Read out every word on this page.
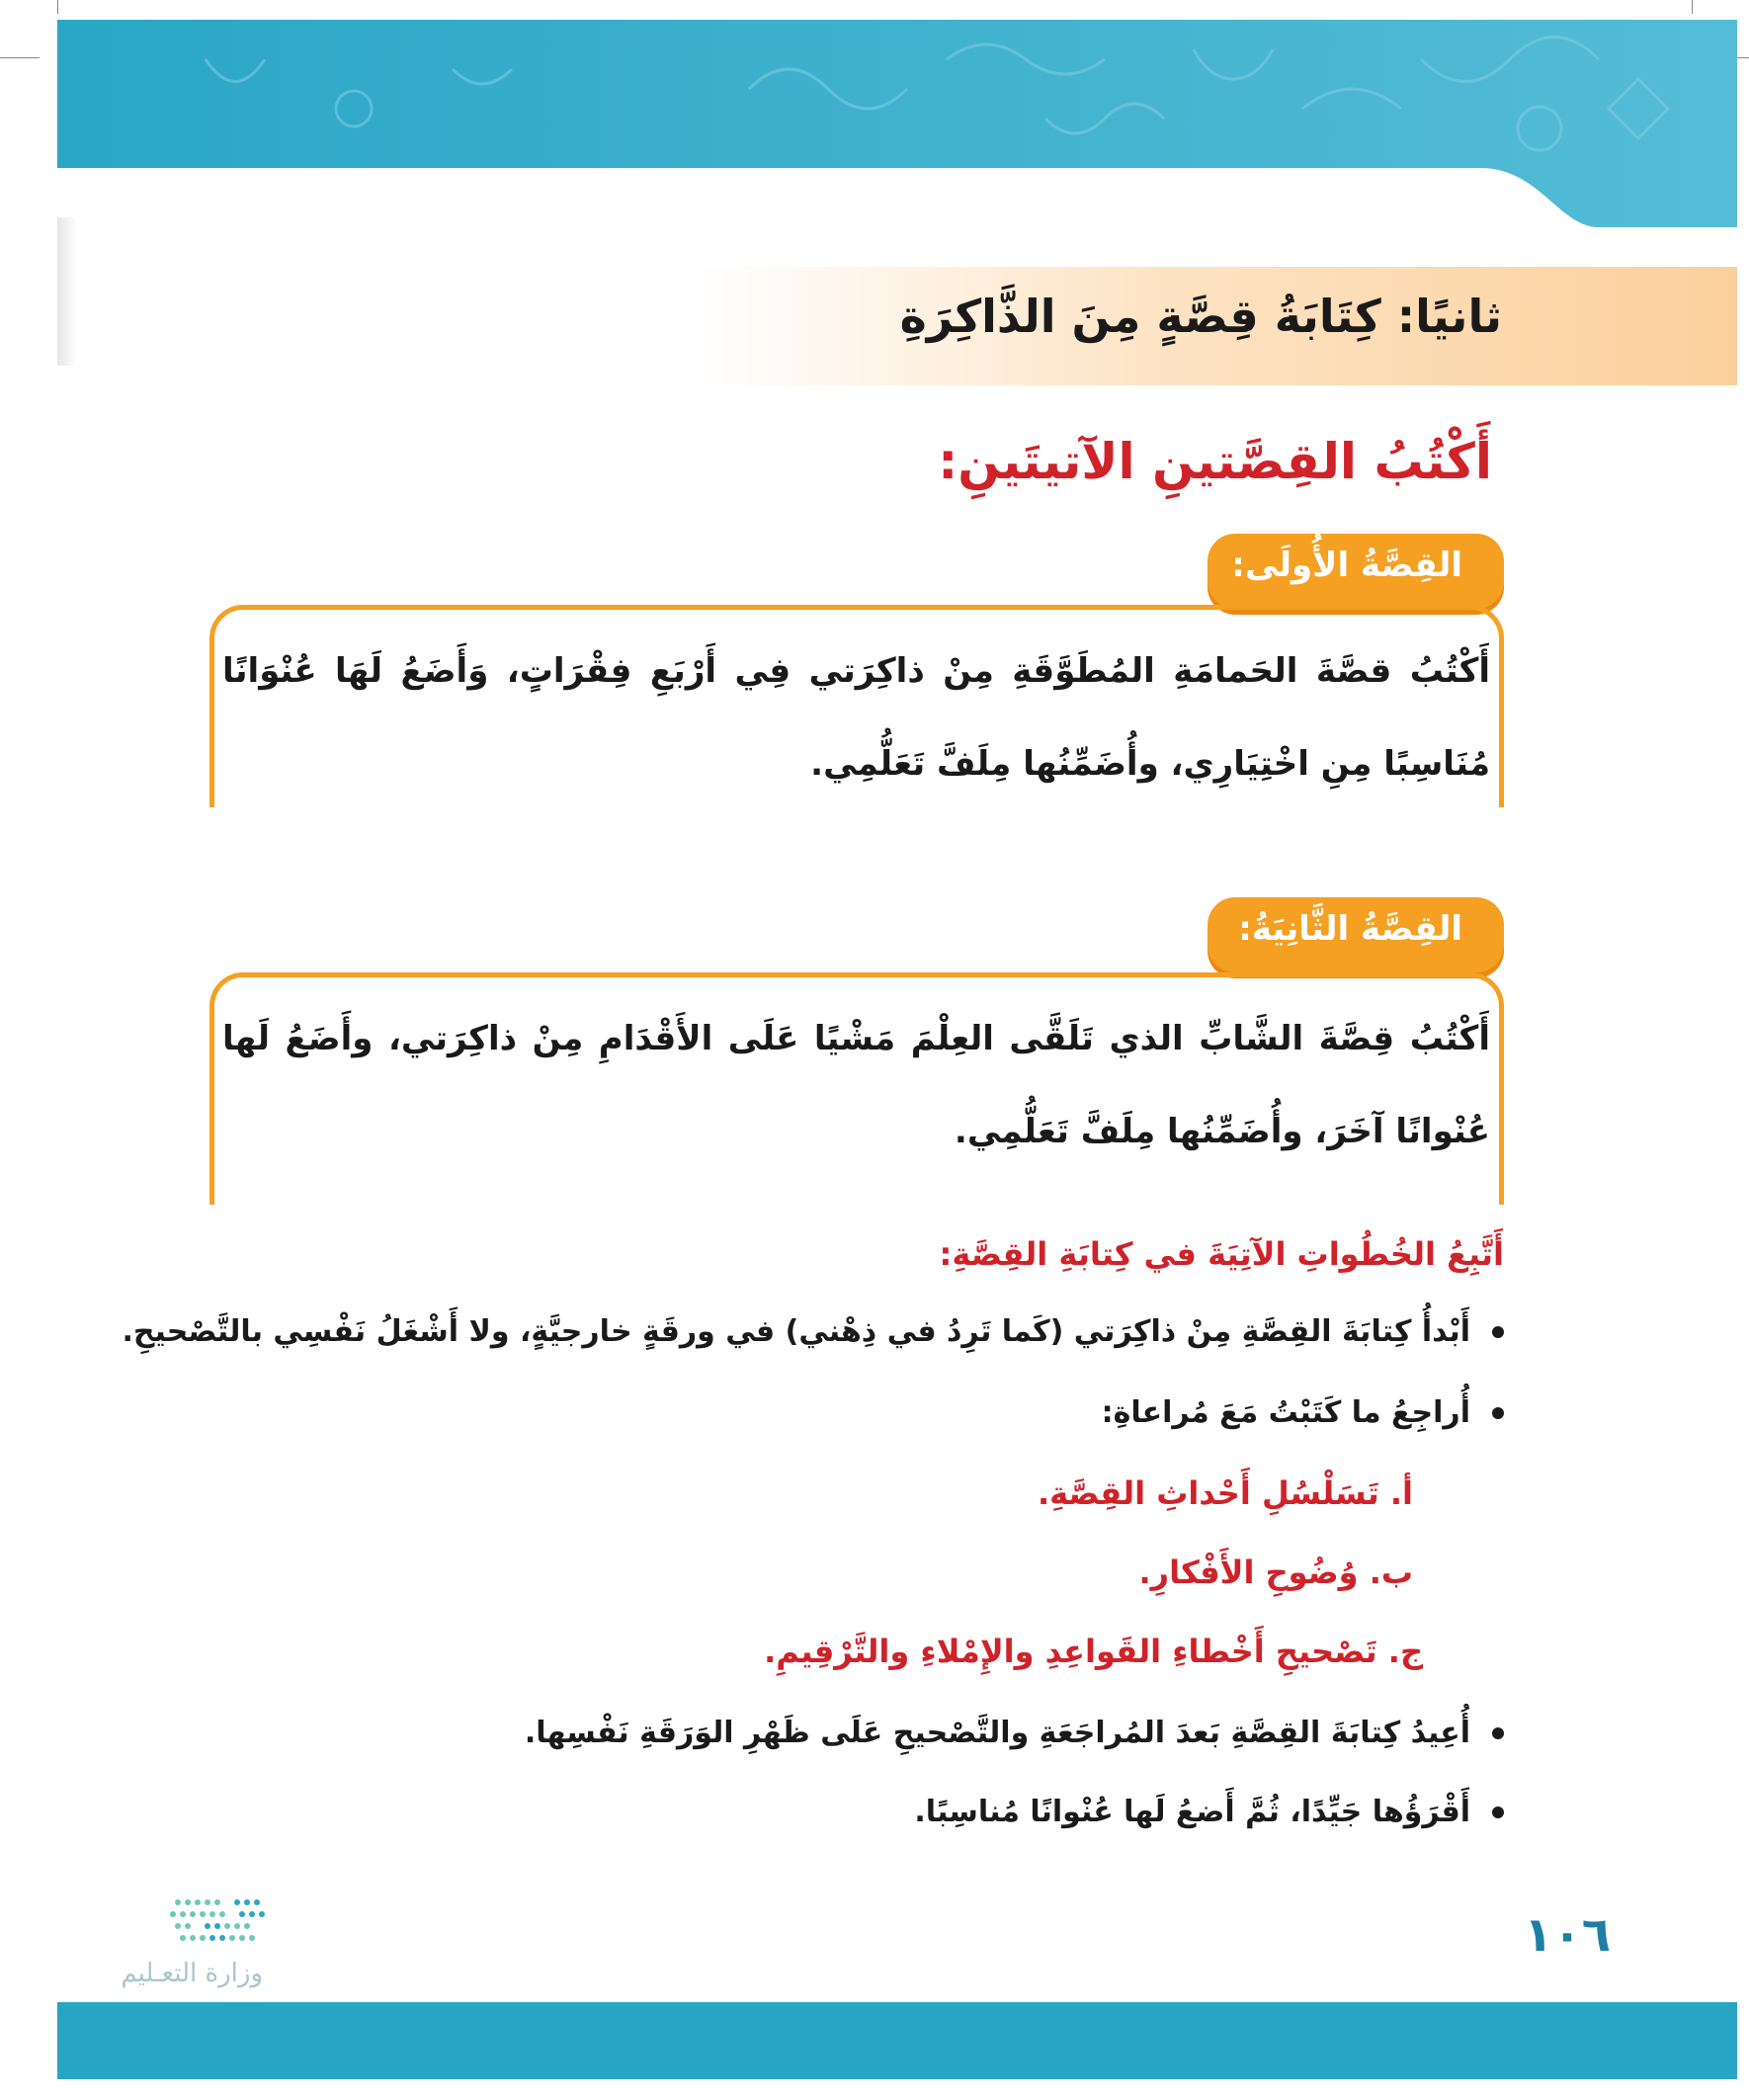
ثانيًا: كِتَابَةُ قِصَّةٍ مِنَ الذَّاكِرَةِ
أَكْتُبُ القِصَّتينِ الآتيتَينِ:
القِصَّةُ الأُولَى:
أَكْتُبُ قصَّةَ الحَمامَةِ المُطَوَّقَةِ مِنْ ذاكِرَتي فِي أَرْبَعِ فِقْرَاتٍ، وَأَضَعُ لَهَا عُنْوَانًا مُنَاسِبًا مِنِ اخْتِيَارِي، وأُضَمِّنُها مِلَفَّ تَعَلُّمِي.
القِصَّةُ الثَّانِيَةُ:
أَكْتُبُ قِصَّةَ الشَّابِّ الذي تَلَقَّى العِلْمَ مَشْيًا عَلَى الأَقْدَامِ مِنْ ذاكِرَتي، وأَضَعُ لَها عُنْوانًا آخَرَ، وأُضَمِّنُها مِلَفَّ تَعَلُّمِي.
أَتَّبِعُ الخُطُواتِ الآتِيَةَ في كِتابَةِ القِصَّةِ:
أَبْدأُ كِتابَةَ القِصَّةِ مِنْ ذاكِرَتي (كَما تَرِدُ في ذِهْني) في ورقَةٍ خارجيَّةٍ، ولا أَشْغَلُ نَفْسِي بالتَّصْحيحِ.
أُراجِعُ ما كَتَبْتُ مَعَ مُراعاةِ:
أ. تَسَلْسُلِ أَحْداثِ القِصَّةِ.
ب. وُضُوحِ الأَفْكارِ.
ج. تَصْحيحِ أَخْطاءِ القَواعِدِ والإِمْلاءِ والتَّرْقِيمِ.
أُعِيدُ كِتابَةَ القِصَّةِ بَعدَ المُراجَعَةِ والتَّصْحيحِ عَلَى ظَهْرِ الوَرَقَةِ نَفْسِها.
أَقْرَؤُها جَيِّدًا، ثُمَّ أَضعُ لَها عُنْوانًا مُناسِبًا.
١٠٦
وزارة التعـليم
